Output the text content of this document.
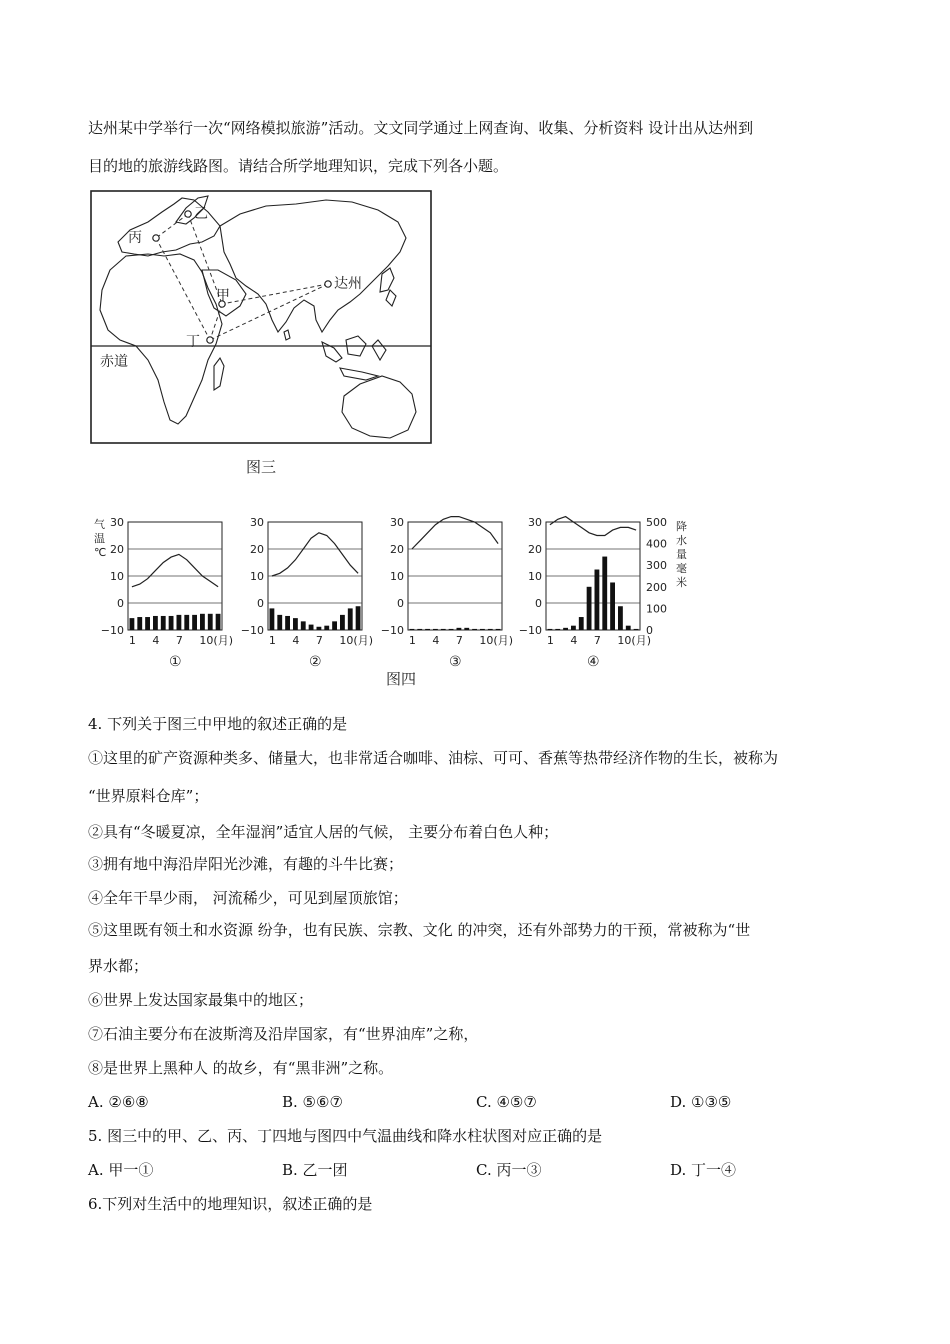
达州某中学举行一次“网络模拟旅游”活动。文文同学通过上网查询、收集、分析资料 设计出从达州到
目的地的旅游线路图。请结合所学地理知识，完成下列各小题。
乙
丙
甲
丁
达州
赤道
图三
气
温
℃
30
20
10
0
−10
1 4 7 10(月)
①
30
20
10
0
−10
1 4 7 10(月)
②
30
20
10
0
−10
1 4 7 10(月)
③
30
20
10
0
−10
1 4 7 10(月)
④
500
400
300
200
100
0
降
水
量
毫
米
图四
4. 下列关于图三中甲地的叙述正确的是
①这里的矿产资源种类多、储量大，也非常适合咖啡、油棕、可可、香蕉等热带经济作物的生长，被称为
“世界原料仓库”；
②具有“冬暖夏凉，全年湿润”适宜人居的气候， 主要分布着白色人种；
③拥有地中海沿岸阳光沙滩，有趣的斗牛比赛；
④全年干旱少雨， 河流稀少，可见到屋顶旅馆；
⑤这里既有领土和水资源 纷争，也有民族、宗教、文化 的冲突，还有外部势力的干预，常被称为“世
界水都；
⑥世界上发达国家最集中的地区；
⑦石油主要分布在波斯湾及沿岸国家，有“世界油库”之称，
⑧是世界上黑种人 的故乡，有“黑非洲”之称。
A. ②⑥⑧	B. ⑤⑥⑦	C. ④⑤⑦	D. ①③⑤
5. 图三中的甲、乙、丙、丁四地与图四中气温曲线和降水柱状图对应正确的是
A. 甲一①	B. 乙一团	C. 丙一③	D. 丁一④
6.下列对生活中的地理知识，叙述正确的是
